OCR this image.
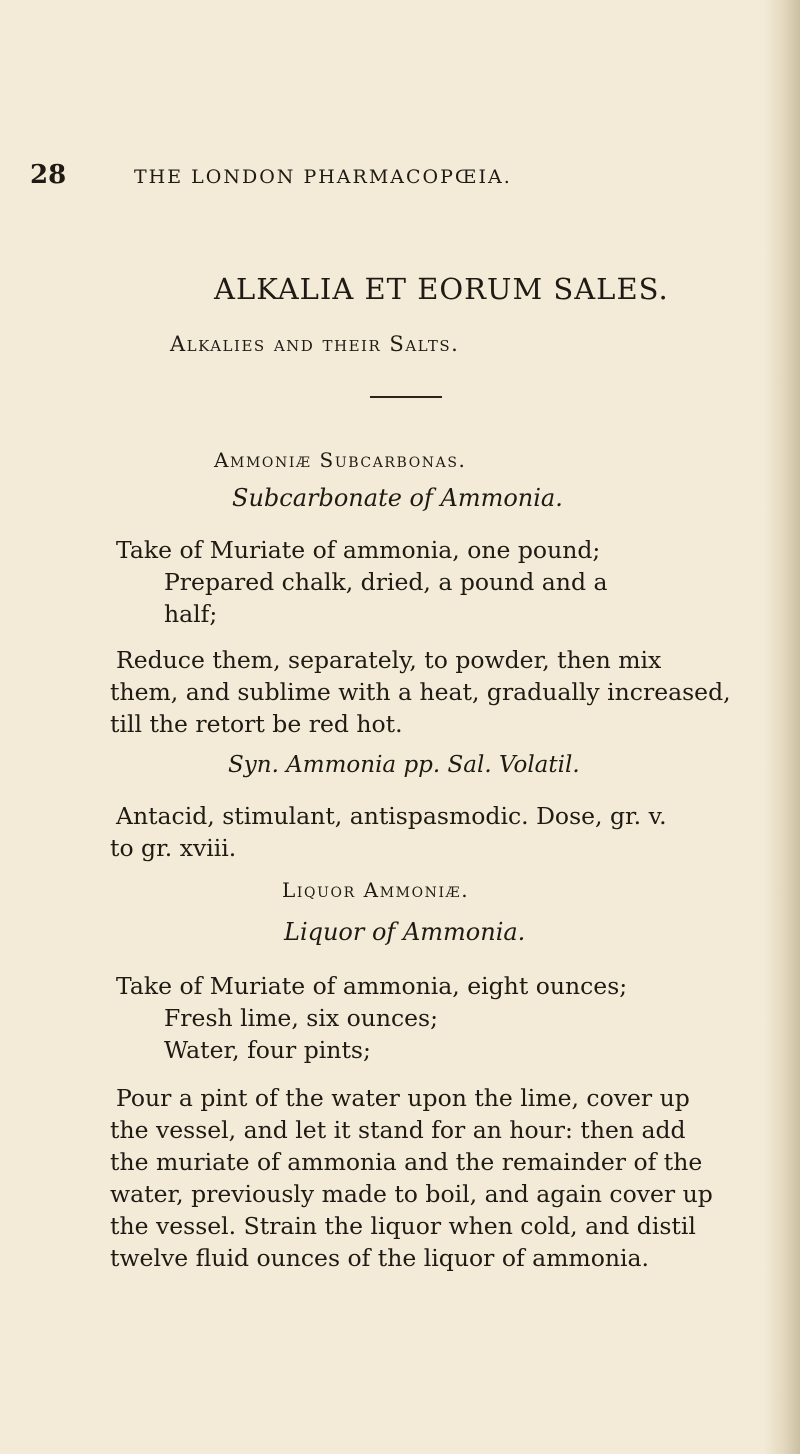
28	THE LONDON PHARMACOPŒIA.
ALKALIA ET EORUM SALES.
Alkalies and their Salts.
Ammoniæ Subcarbonas.
Subcarbonate of Ammonia.
Take of Muriate of ammonia, one pound;
Prepared chalk, dried, a pound and a
half;
Reduce them, separately, to powder, then mix
them, and sublime with a heat, gradually increased,
till the retort be red hot.
Syn. Ammonia pp. Sal. Volatil.
Antacid, stimulant, antispasmodic. Dose, gr. v.
to gr. xviii.
Liquor Ammoniæ.
Liquor of Ammonia.
Take of Muriate of ammonia, eight ounces;
Fresh lime, six ounces;
Water, four pints;
Pour a pint of the water upon the lime, cover up
the vessel, and let it stand for an hour: then add
the muriate of ammonia and the remainder of the
water, previously made to boil, and again cover up
the vessel. Strain the liquor when cold, and distil
twelve fluid ounces of the liquor of ammonia.
